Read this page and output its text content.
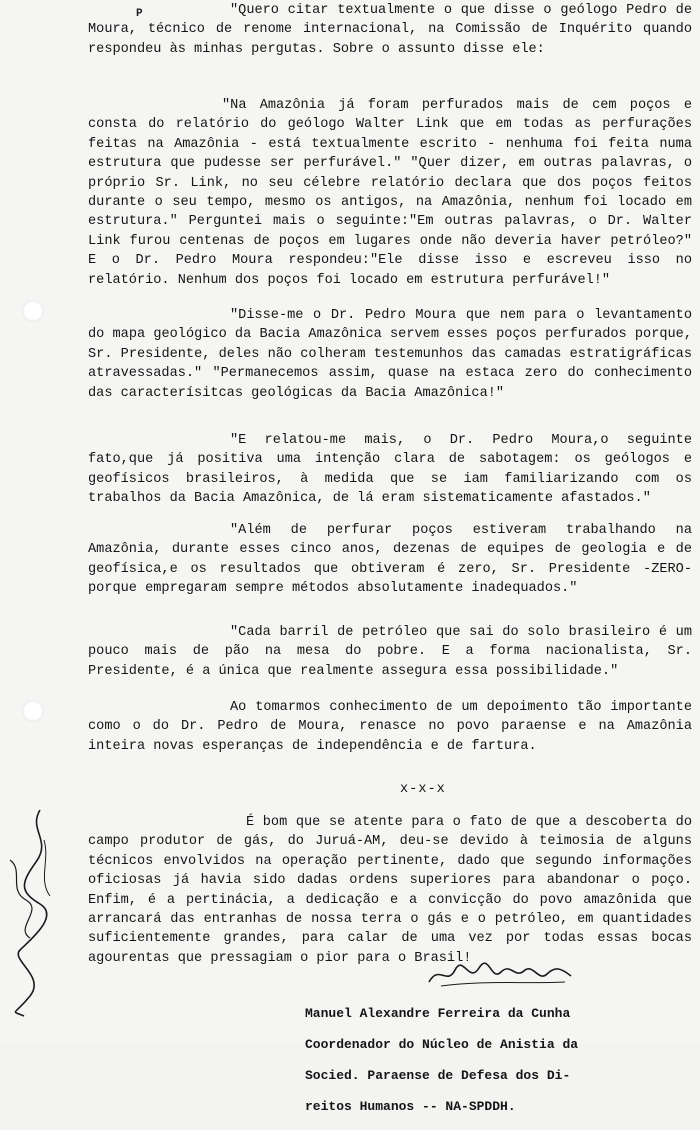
P	"Quero citar textualmente o que disse o geólogo Pedro de Moura, técnico de renome internacional, na Comissão de Inquérito quando respondeu às minhas pergutas. Sobre o assunto disse ele:
"Na Amazônia já foram perfurados mais de cem poços e consta do relatório do geólogo Walter Link que em todas as perfurações feitas na Amazônia - está textualmente escrito - nenhuma foi feita numa estrutura que pudesse ser perfurável." "Quer dizer, em outras palavras, o próprio Sr. Link, no seu célebre relatório declara que dos poços feitos durante o seu tempo, mesmo os antigos, na Amazônia, nenhum foi locado em estrutura." Perguntei mais o seguinte:"Em outras palavras, o Dr. Walter Link furou centenas de poços em lugares onde não deveria haver petróleo?" E o Dr. Pedro Moura respondeu:"Ele disse isso e escreveu isso no relatório. Nenhum dos poços foi locado em estrutura perfurável!"
"Disse-me o Dr. Pedro Moura que nem para o levantamento do mapa geológico da Bacia Amazônica servem esses poços perfurados porque, Sr. Presidente, deles não colheram testemunhos das camadas estratigráficas atravessadas." "Permanecemos assim, quase na estaca zero do conhecimento das caracterísitcas geológicas da Bacia Amazônica!"
"E relatou-me mais, o Dr. Pedro Moura,o seguinte fato,que já positiva uma intenção clara de sabotagem: os geólogos e geofísicos brasileiros, à medida que se iam familiarizando com os trabalhos da Bacia Amazônica, de lá eram sistematicamente afastados."
"Além de perfurar poços estiveram trabalhando na Amazônia, durante esses cinco anos, dezenas de equipes de geologia e de geofísica,e os resultados que obtiveram é zero, Sr. Presidente -ZERO- porque empregaram sempre métodos absolutamente inadequados."
"Cada barril de petróleo que sai do solo brasileiro é um pouco mais de pão na mesa do pobre. E a forma nacionalista, Sr. Presidente, é a única que realmente assegura essa possibilidade."
Ao tomarmos conhecimento de um depoimento tão importante como o do Dr. Pedro de Moura, renasce no povo paraense e na Amazônia inteira novas esperanças de independência e de fartura.
x-x-x
É bom que se atente para o fato de que a descoberta do campo produtor de gás, do Juruá-AM, deu-se devido à teimosia de alguns técnicos envolvidos na operação pertinente, dado que segundo informações oficiosas já havia sido dadas ordens superiores para abandonar o poço. Enfim, é a pertinácia, a dedicação e a convicção do povo amazônida que arrancará das entranhas de nossa terra o gás e o petróleo, em quantidades suficientemente grandes, para calar de uma vez por todas essas bocas agourentas que pressagiam o pior para o Brasil!

Manuel Alexandre Ferreira da Cunha

Coordenador do Núcleo de Anistia da

Socied. Paraense de Defesa dos Di-

reitos Humanos -- NA-SPDDH.
